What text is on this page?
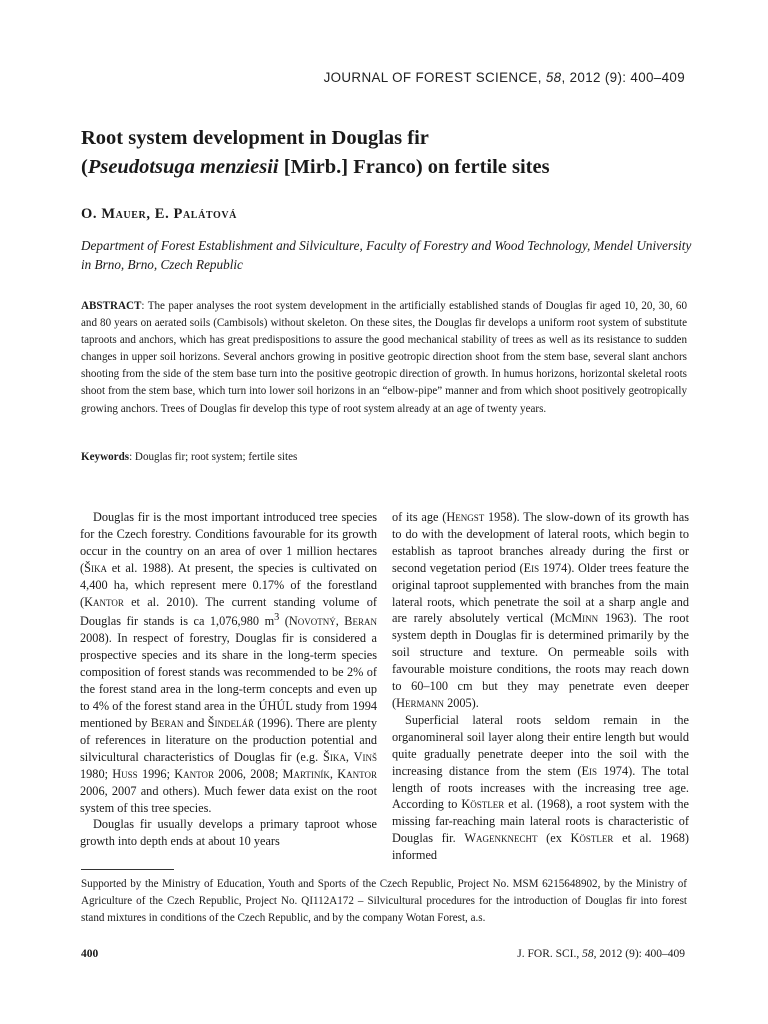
JOURNAL OF FOREST SCIENCE, 58, 2012 (9): 400–409
Root system development in Douglas fir
(Pseudotsuga menziesii [Mirb.] Franco) on fertile sites
O. Mauer, E. Palátová
Department of Forest Establishment and Silviculture, Faculty of Forestry and Wood Technology, Mendel University in Brno, Brno, Czech Republic

ABSTRACT: The paper analyses the root system development in the artificially established stands of Douglas fir aged 10, 20, 30, 60 and 80 years on aerated soils (Cambisols) without skeleton. On these sites, the Douglas fir develops a uniform root system of substitute taproots and anchors, which has great predispositions to assure the good mechanical stability of trees as well as its resistance to sudden changes in upper soil horizons. Several anchors growing in positive geotropic direction shoot from the stem base, several slant anchors shooting from the side of the stem base turn into the positive geotropic direction of growth. In humus horizons, horizontal skeletal roots shoot from the stem base, which turn into lower soil horizons in an “elbow-pipe” manner and from which shoot positively geotropically growing anchors. Trees of Douglas fir develop this type of root system already at an age of twenty years.

Keywords: Douglas fir; root system; fertile sites

Douglas fir is the most important introduced tree species for the Czech forestry. Conditions favourable for its growth occur in the country on an area of over 1 million hectares (Šika et al. 1988). At present, the species is cultivated on 4,400 ha, which represent mere 0.17% of the forestland (Kantor et al. 2010). The current standing volume of Douglas fir stands is ca 1,076,980 $m^3$ (Novotný, Beran 2008). In respect of forestry, Douglas fir is considered a prospective species and its share in the long-term species composition of forest stands was recommended to be 2% of the forest stand area in the long-term concepts and even up to 4% of the forest stand area in the ÚHÚL study from 1994 mentioned by Beran and Šindelář (1996). There are plenty of references in literature on the production potential and silvicultural characteristics of Douglas fir (e.g. Šika, Vinš 1980; Huss 1996; Kantor 2006, 2008; Martiník, Kantor 2006, 2007 and others). Much fewer data exist on the root system of this tree species.

Douglas fir usually develops a primary taproot whose growth into depth ends at about 10 years

of its age (Hengst 1958). The slow-down of its growth has to do with the development of lateral roots, which begin to establish as taproot branches already during the first or second vegetation period (Eis 1974). Older trees feature the original taproot supplemented with branches from the main lateral roots, which penetrate the soil at a sharp angle and are rarely absolutely vertical (McMinn 1963). The root system depth in Douglas fir is determined primarily by the soil structure and texture. On permeable soils with favourable moisture conditions, the roots may reach down to 60–100 cm but they may penetrate even deeper (Hermann 2005).

Superficial lateral roots seldom remain in the organomineral soil layer along their entire length but would quite gradually penetrate deeper into the soil with the increasing distance from the stem (Eis 1974). The total length of roots increases with the increasing tree age. According to Köstler et al. (1968), a root system with the missing far-reaching main lateral roots is characteristic of Douglas fir. Wagenknecht (ex Köstler et al. 1968) informed

Supported by the Ministry of Education, Youth and Sports of the Czech Republic, Project No. MSM 6215648902, by the Ministry of Agriculture of the Czech Republic, Project No. QI112A172 – Silvicultural procedures for the introduction of Douglas fir into forest stand mixtures in conditions of the Czech Republic, and by the company Wotan Forest, a.s.

400	J. FOR. SCI., 58, 2012 (9): 400–409
